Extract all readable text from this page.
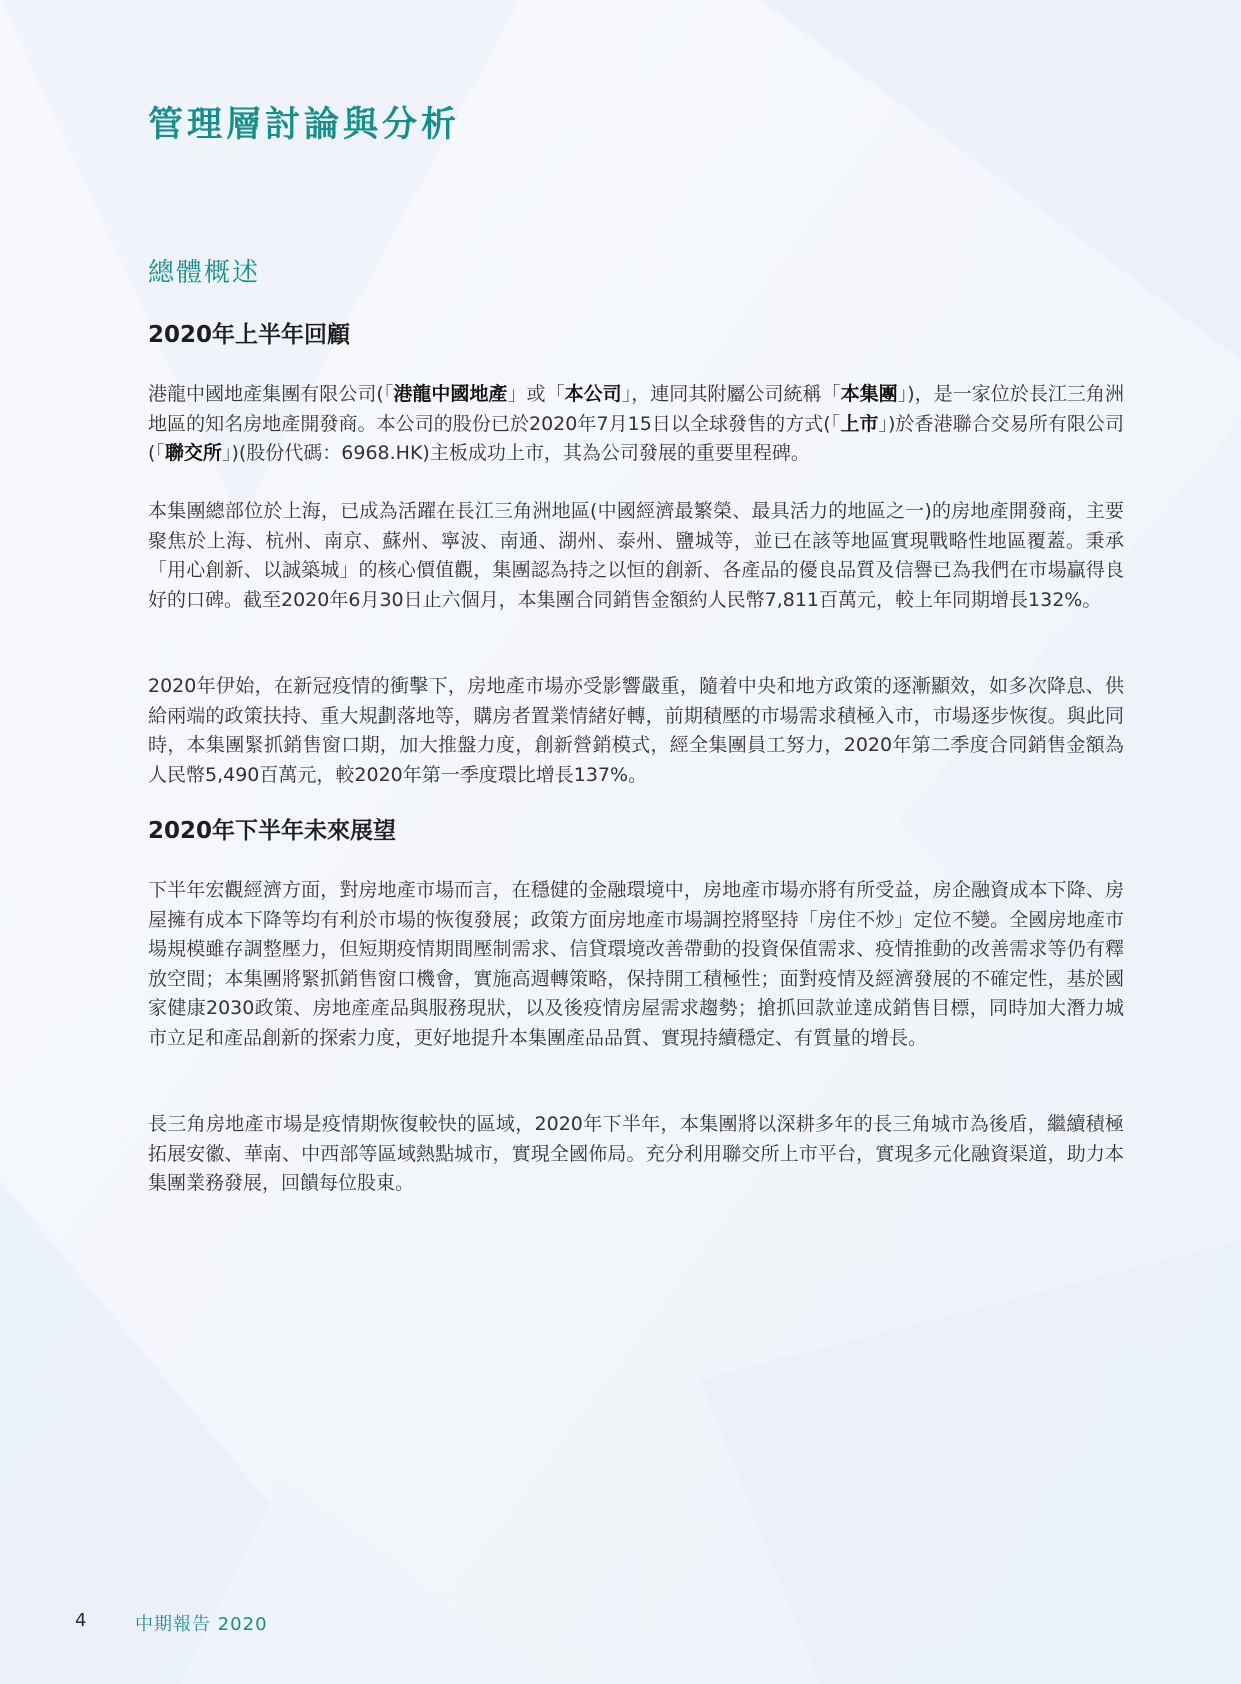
管理層討論與分析
總體概述
2020年上半年回顧

港龍中國地產集團有限公司(「港龍中國地產」或「本公司」，連同其附屬公司統稱「本集團」)，是一家位於長江三角洲地區的知名房地產開發商。本公司的股份已於2020年7月15日以全球發售的方式(「上市」)於香港聯合交易所有限公司(「聯交所」)(股份代碼：6968.HK)主板成功上市，其為公司發展的重要里程碑。

本集團總部位於上海，已成為活躍在長江三角洲地區(中國經濟最繁榮、最具活力的地區之一)的房地產開發商，主要聚焦於上海、杭州、南京、蘇州、寧波、南通、湖州、泰州、鹽城等，並已在該等地區實現戰略性地區覆蓋。秉承「用心創新、以誠築城」的核心價值觀，集團認為持之以恒的創新、各產品的優良品質及信譽已為我們在市場贏得良好的口碑。截至2020年6月30日止六個月，本集團合同銷售金額約人民幣7,811百萬元，較上年同期增長132%。

2020年伊始，在新冠疫情的衝擊下，房地產市場亦受影響嚴重，隨着中央和地方政策的逐漸顯效，如多次降息、供給兩端的政策扶持、重大規劃落地等，購房者置業情緒好轉，前期積壓的市場需求積極入市，市場逐步恢復。與此同時，本集團緊抓銷售窗口期，加大推盤力度，創新營銷模式，經全集團員工努力，2020年第二季度合同銷售金額為人民幣5,490百萬元，較2020年第一季度環比增長137%。

2020年下半年未來展望

下半年宏觀經濟方面，對房地產市場而言，在穩健的金融環境中，房地產市場亦將有所受益，房企融資成本下降、房屋擁有成本下降等均有利於市場的恢復發展；政策方面房地產市場調控將堅持「房住不炒」定位不變。全國房地產市場規模雖存調整壓力，但短期疫情期間壓制需求、信貸環境改善帶動的投資保值需求、疫情推動的改善需求等仍有釋放空間；本集團將緊抓銷售窗口機會，實施高週轉策略，保持開工積極性；面對疫情及經濟發展的不確定性，基於國家健康2030政策、房地產產品與服務現狀，以及後疫情房屋需求趨勢；搶抓回款並達成銷售目標，同時加大潛力城市立足和產品創新的探索力度，更好地提升本集團產品品質、實現持續穩定、有質量的增長。

長三角房地產市場是疫情期恢復較快的區域，2020年下半年，本集團將以深耕多年的長三角城市為後盾，繼續積極拓展安徽、華南、中西部等區域熱點城市，實現全國佈局。充分利用聯交所上市平台，實現多元化融資渠道，助力本集團業務發展，回饋每位股東。

4	中期報告 2020
